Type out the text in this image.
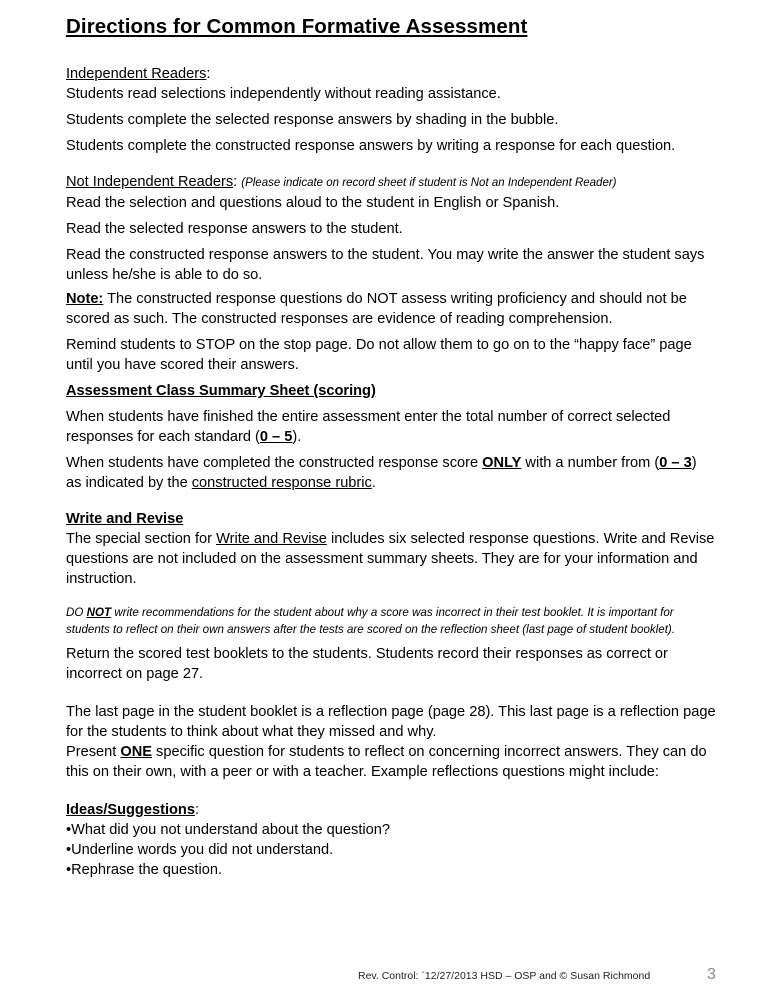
Directions for Common Formative Assessment

Independent Readers:

Students read selections independently without reading assistance.

Students complete the selected response answers by shading in the bubble.

Students complete the constructed response answers by writing a response for each question.

Not Independent Readers: (Please indicate on record sheet if student is Not an Independent Reader)

Read the selection and questions aloud to the student in English or Spanish.

Read the selected response answers to the student.

Read the constructed response answers to the student. You may write the answer the student says unless he/she is able to do so.

Note: The constructed response questions do NOT assess writing proficiency and should not be scored as such. The constructed responses are evidence of reading comprehension.

Remind students to STOP on the stop page. Do not allow them to go on to the “happy face” page until you have scored their answers.

Assessment Class Summary Sheet (scoring)

When students have finished the entire assessment enter the total number of correct selected responses for each standard (0 – 5).

When students have completed the constructed response score ONLY with a number from (0 – 3) as indicated by the constructed response rubric.

Write and Revise

The special section for Write and Revise includes six selected response questions. Write and Revise questions are not included on the assessment summary sheets. They are for your information and instruction.

DO NOT write recommendations for the student about why a score was incorrect in their test booklet. It is important for students to reflect on their own answers after the tests are scored on the reflection sheet (last page of student booklet).

Return the scored test booklets to the students. Students record their responses as correct or incorrect on page 27.

The last page in the student booklet is a reflection page (page 28). This last page is a reflection page for the students to think about what they missed and why.

Present ONE specific question for students to reflect on concerning incorrect answers. They can do this on their own, with a peer or with a teacher. Example reflections questions might include:

Ideas/Suggestions:

• What did you not understand about the question?

• Underline words you did not understand.

• Rephrase the question.

Rev. Control: `12/27/2013 HSD – OSP and © Susan Richmond	3
